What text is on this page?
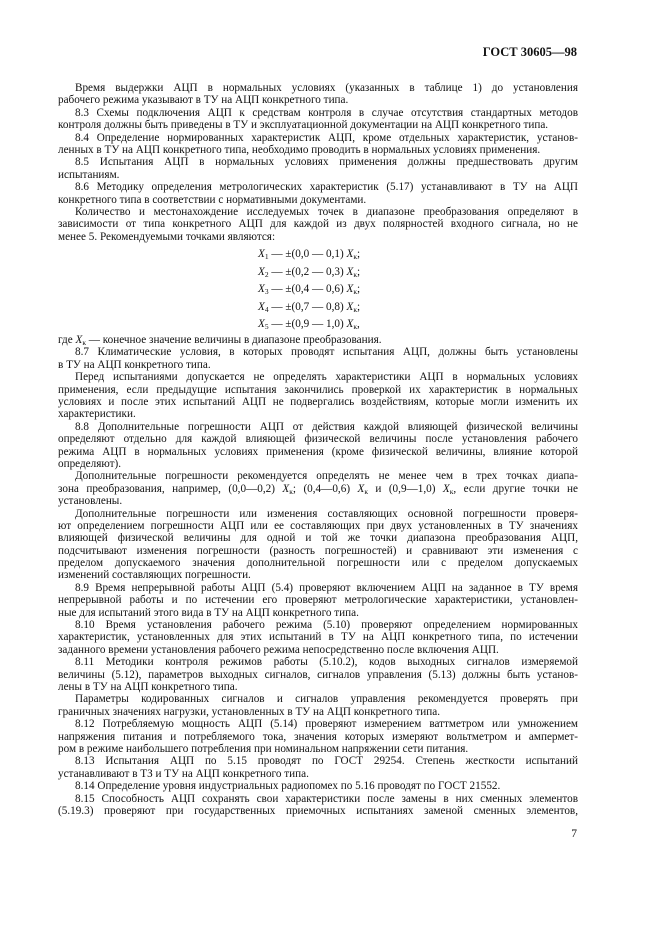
ГОСТ 30605—98
Время выдержки АЦП в нормальных условиях (указанных в таблице 1) до установления
рабочего режима указывают в ТУ на АЦП конкретного типа.
8.3 Схемы подключения АЦП к средствам контроля в случае отсутствия стандартных методов
контроля должны быть приведены в ТУ и эксплуатационной документации на АЦП конкретного типа.
8.4 Определение нормированных характеристик АЦП, кроме отдельных характеристик, установ-
ленных в ТУ на АЦП конкретного типа, необходимо проводить в нормальных условиях применения.
8.5 Испытания АЦП в нормальных условиях применения должны предшествовать другим
испытаниям.
8.6 Методику определения метрологических характеристик (5.17) устанавливают в ТУ на АЦП
конкретного типа в соответствии с нормативными документами.
Количество и местонахождение исследуемых точек в диапазоне преобразования определяют в
зависимости от типа конкретного АЦП для каждой из двух полярностей входного сигнала, но не
менее 5. Рекомендуемыми точками являются:
$X_1$ — ±(0,0 — 0,1) $X_к$;
$X_2$ — ±(0,2 — 0,3) $X_к$;
$X_3$ — ±(0,4 — 0,6) $X_к$;
$X_4$ — ±(0,7 — 0,8) $X_к$;
$X_5$ — ±(0,9 — 1,0) $X_к$,
где $X_к$ — конечное значение величины в диапазоне преобразования.
8.7 Климатические условия, в которых проводят испытания АЦП, должны быть установлены
в ТУ на АЦП конкретного типа.
Перед испытаниями допускается не определять характеристики АЦП в нормальных условиях
применения, если предыдущие испытания закончились проверкой их характеристик в нормальных
условиях и после этих испытаний АЦП не подвергались воздействиям, которые могли изменить их
характеристики.
8.8 Дополнительные погрешности АЦП от действия каждой влияющей физической величины
определяют отдельно для каждой влияющей физической величины после установления рабочего
режима АЦП в нормальных условиях применения (кроме физической величины, влияние которой
определяют).
Дополнительные погрешности рекомендуется определять не менее чем в трех точках диапа-
зона преобразования, например, (0,0—0,2) $X_к$; (0,4—0,6) $X_к$ и (0,9—1,0) $X_к$, если другие точки не
установлены.
Дополнительные погрешности или изменения составляющих основной погрешности проверя-
ют определением погрешности АЦП или ее составляющих при двух установленных в ТУ значениях
влияющей физической величины для одной и той же точки диапазона преобразования АЦП,
подсчитывают изменения погрешности (разность погрешностей) и сравнивают эти изменения с
пределом допускаемого значения дополнительной погрешности или с пределом допускаемых
изменений составляющих погрешности.
8.9 Время непрерывной работы АЦП (5.4) проверяют включением АЦП на заданное в ТУ время
непрерывной работы и по истечении его проверяют метрологические характеристики, установлен-
ные для испытаний этого вида в ТУ на АЦП конкретного типа.
8.10 Время установления рабочего режима (5.10) проверяют определением нормированных
характеристик, установленных для этих испытаний в ТУ на АЦП конкретного типа, по истечении
заданного времени установления рабочего режима непосредственно после включения АЦП.
8.11 Методики контроля режимов работы (5.10.2), кодов выходных сигналов измеряемой
величины (5.12), параметров выходных сигналов, сигналов управления (5.13) должны быть установ-
лены в ТУ на АЦП конкретного типа.
Параметры кодированных сигналов и сигналов управления рекомендуется проверять при
граничных значениях нагрузки, установленных в ТУ на АЦП конкретного типа.
8.12 Потребляемую мощность АЦП (5.14) проверяют измерением ваттметром или умножением
напряжения питания и потребляемого тока, значения которых измеряют вольтметром и ампермет-
ром в режиме наибольшего потребления при номинальном напряжении сети питания.
8.13 Испытания АЦП по 5.15 проводят по ГОСТ 29254. Степень жесткости испытаний
устанавливают в ТЗ и ТУ на АЦП конкретного типа.
8.14 Определение уровня индустриальных радиопомех по 5.16 проводят по ГОСТ 21552.
8.15 Способность АЦП сохранять свои характеристики после замены в них сменных элементов
(5.19.3) проверяют при государственных приемочных испытаниях заменой сменных элементов,
7
